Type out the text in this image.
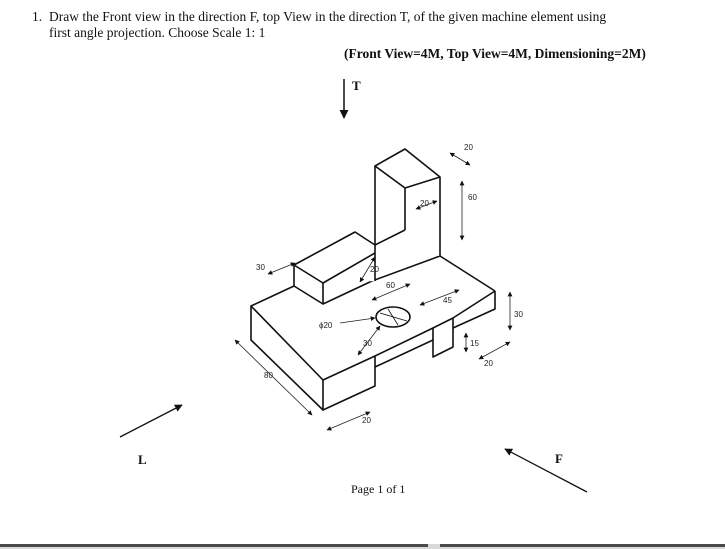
1. Draw the Front view in the direction F, top View in the direction T, of the given machine element using
first angle projection. Choose Scale 1: 1
(Front View=4M, Top View=4M, Dimensioning=2M)
T
L	F
20
20
60
20
30
60
45
ϕ20
30
30
15
20
80
20
Page 1 of 1
